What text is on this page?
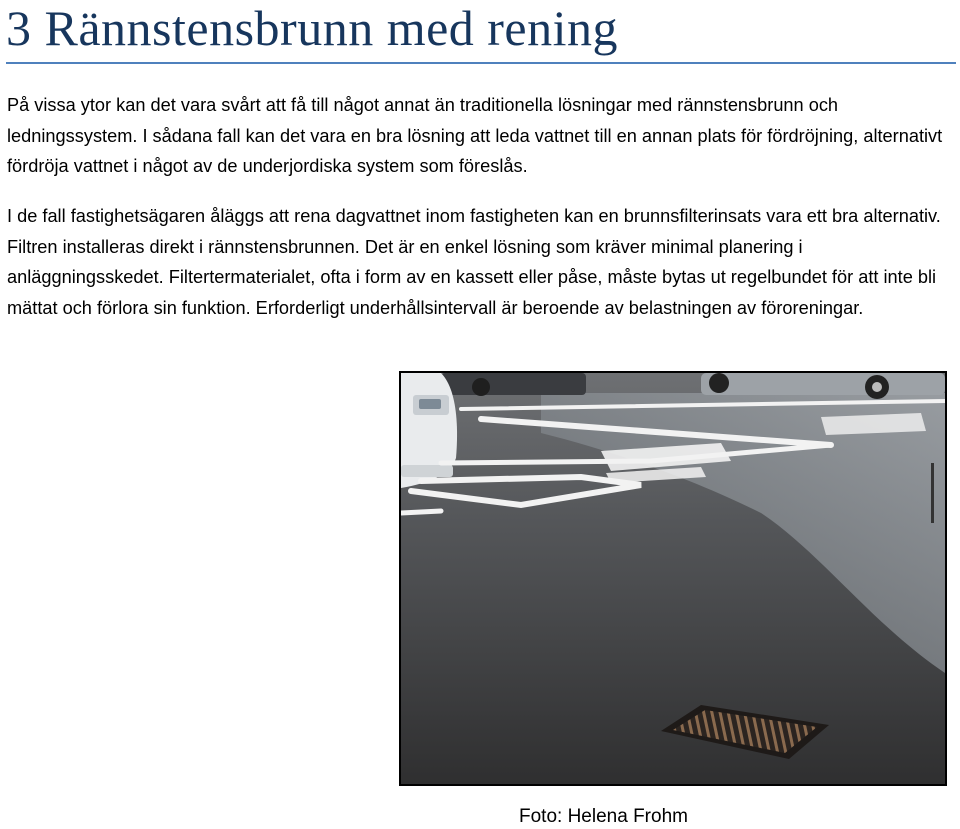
3 Rännstensbrunn med rening

På vissa ytor kan det vara svårt att få till något annat än traditionella lösningar med rännstensbrunn och ledningssystem. I sådana fall kan det vara en bra lösning att leda vattnet till en annan plats för fördröjning, alternativt fördröja vattnet i något av de underjordiska system som föreslås.

I de fall fastighetsägaren åläggs att rena dagvattnet inom fastigheten kan en brunnsfilterinsats vara ett bra alternativ. Filtren installeras direkt i rännstensbrunnen. Det är en enkel lösning som kräver minimal planering i anläggningsskedet. Filtertermaterialet, ofta i form av en kassett eller påse, måste bytas ut regelbundet för att inte bli mättat och förlora sin funktion. Erforderligt underhållsintervall är beroende av belastningen av föroreningar.

Foto: Helena Frohm
